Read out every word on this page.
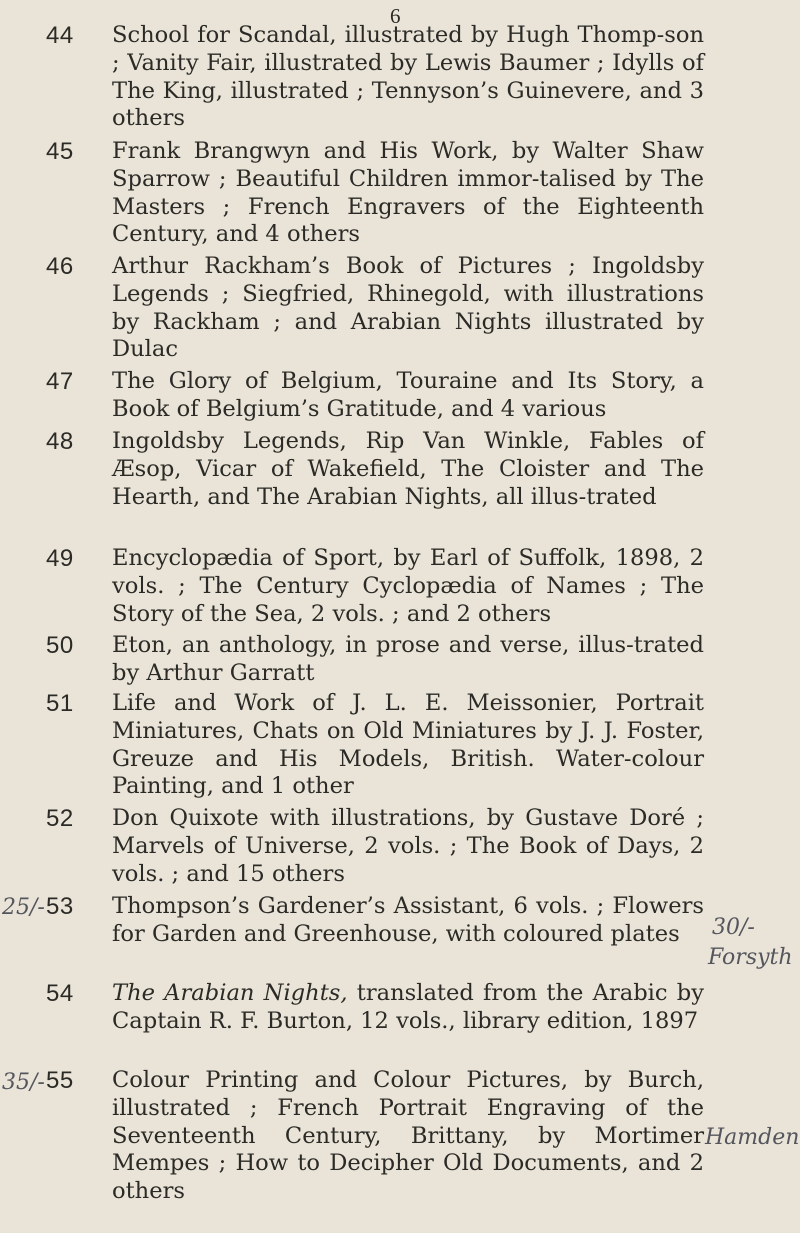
6
44 School for Scandal, illustrated by Hugh Thomp-son ; Vanity Fair, illustrated by Lewis Baumer ; Idylls of The King, illustrated ; Tennyson’s Guinevere, and 3 others
45 Frank Brangwyn and His Work, by Walter Shaw Sparrow ; Beautiful Children immor-talised by The Masters ; French Engravers of the Eighteenth Century, and 4 others
46 Arthur Rackham’s Book of Pictures ; Ingoldsby Legends ; Siegfried, Rhinegold, with illustrations by Rackham ; and Arabian Nights illustrated by Dulac
47 The Glory of Belgium, Touraine and Its Story, a Book of Belgium’s Gratitude, and 4 various
48 Ingoldsby Legends, Rip Van Winkle, Fables of Æsop, Vicar of Wakefield, The Cloister and The Hearth, and The Arabian Nights, all illus-trated
49 Encyclopædia of Sport, by Earl of Suffolk, 1898, 2 vols. ; The Century Cyclopædia of Names ; The Story of the Sea, 2 vols. ; and 2 others
50 Eton, an anthology, in prose and verse, illus-trated by Arthur Garratt
51 Life and Work of J. L. E. Meissonier, Portrait Miniatures, Chats on Old Miniatures by J. J. Foster, Greuze and His Models, British. Water-colour Painting, and 1 other
52 Don Quixote with illustrations, by Gustave Doré ; Marvels of Universe, 2 vols. ; The Book of Days, 2 vols. ; and 15 others
53 Thompson’s Gardener’s Assistant, 6 vols. ; Flowers for Garden and Greenhouse, with coloured plates
54 The Arabian Nights, translated from the Arabic by Captain R. F. Burton, 12 vols., library edition, 1897
55 Colour Printing and Colour Pictures, by Burch, illustrated ; French Portrait Engraving of the Seventeenth Century, Brittany, by Mortimer Mempes ; How to Decipher Old Documents, and 2 others
25/-
30/-
Forsyth
35/-
Hamden
